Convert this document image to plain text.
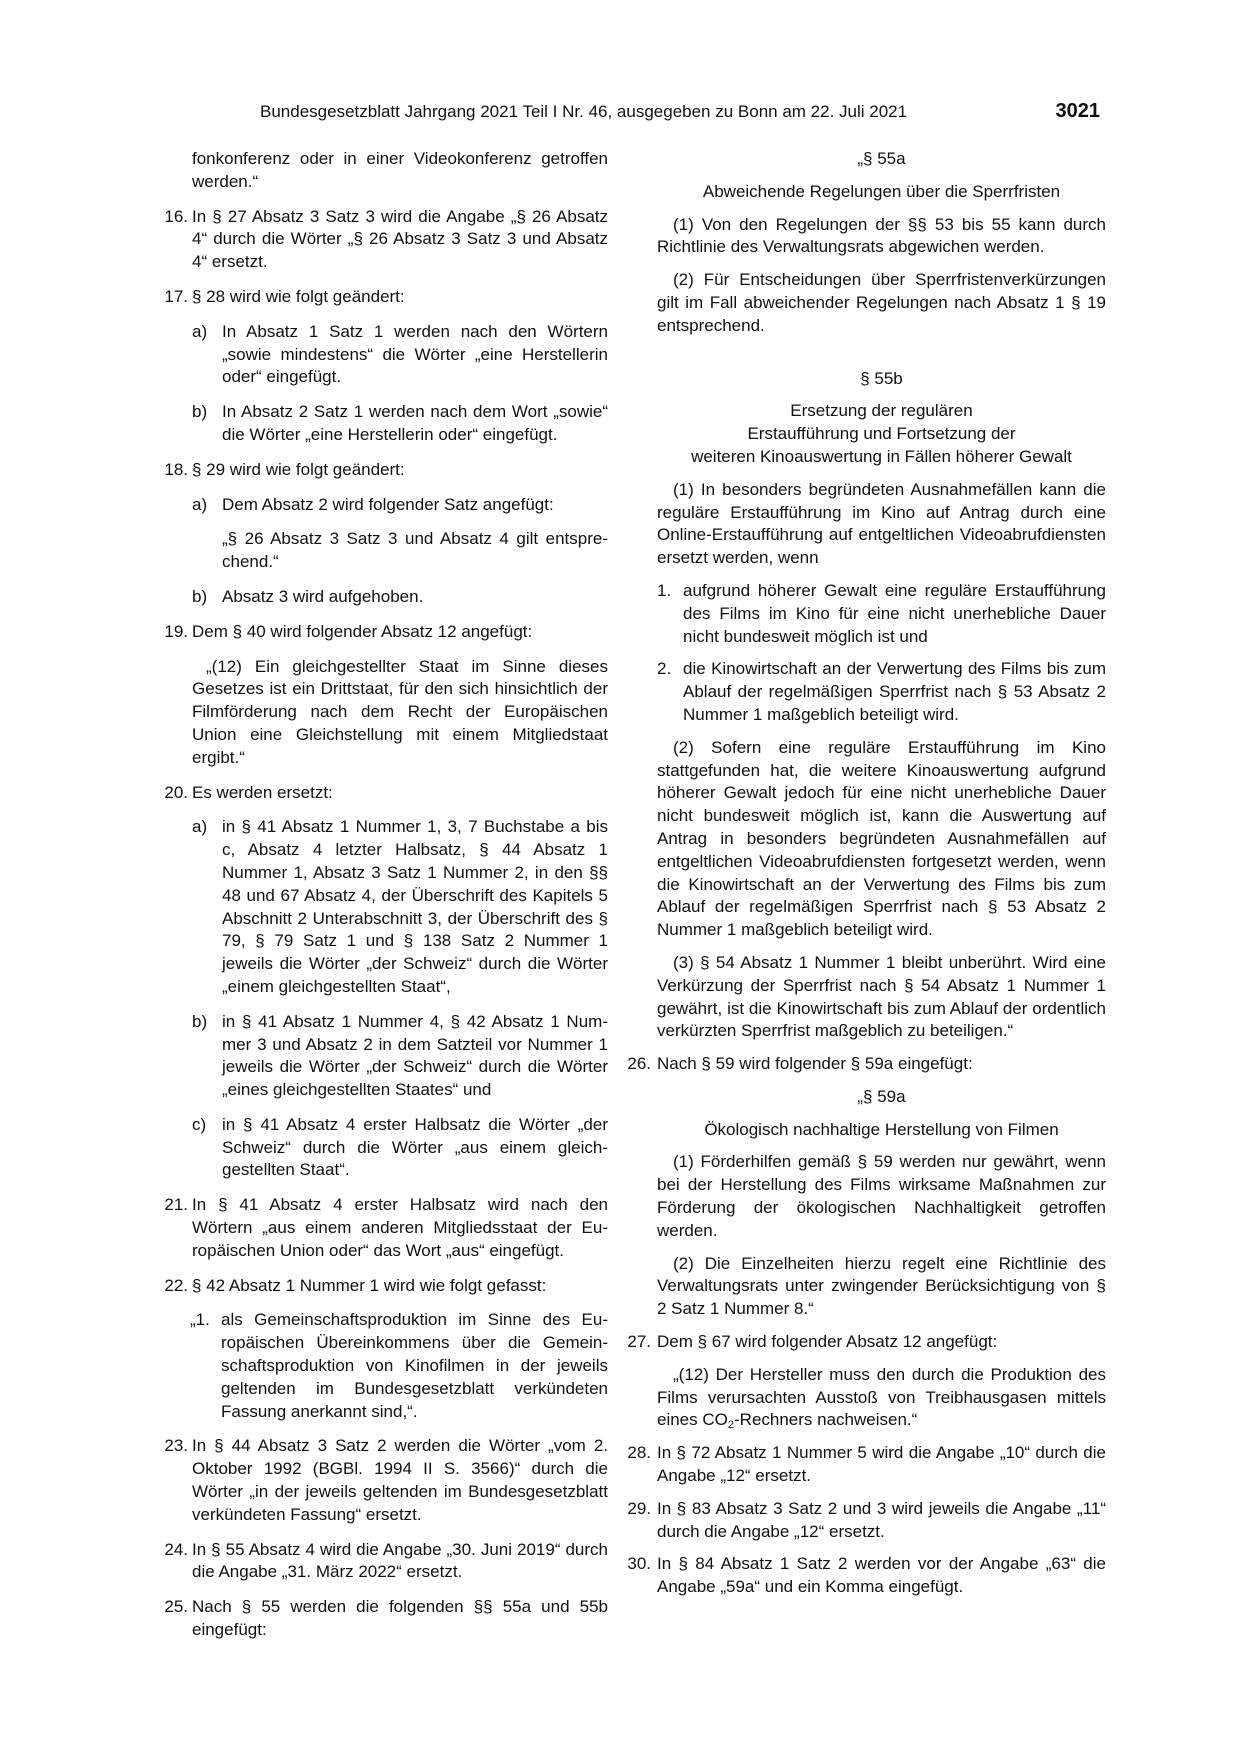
Bundesgesetzblatt Jahrgang 2021 Teil I Nr. 46, ausgegeben zu Bonn am 22. Juli 2021	3021

fonkonferenz oder in einer Videokonferenz getroffen werden.“

16. In § 27 Absatz 3 Satz 3 wird die Angabe „§ 26 Absatz 4“ durch die Wörter „§ 26 Absatz 3 Satz 3 und Absatz 4“ ersetzt.

17. § 28 wird wie folgt geändert:

a) In Absatz 1 Satz 1 werden nach den Wörtern „sowie mindestens“ die Wörter „eine Herstellerin oder“ eingefügt.

b) In Absatz 2 Satz 1 werden nach dem Wort „sowie“ die Wörter „eine Herstellerin oder“ eingefügt.

18. § 29 wird wie folgt geändert:

a) Dem Absatz 2 wird folgender Satz angefügt:

„§ 26 Absatz 3 Satz 3 und Absatz 4 gilt entsprechend.“

b) Absatz 3 wird aufgehoben.

19. Dem § 40 wird folgender Absatz 12 angefügt:

„(12) Ein gleichgestellter Staat im Sinne dieses Gesetzes ist ein Drittstaat, für den sich hinsichtlich der Filmförderung nach dem Recht der Europäischen Union eine Gleichstellung mit einem Mitgliedstaat ergibt.“

20. Es werden ersetzt:

a) in § 41 Absatz 1 Nummer 1, 3, 7 Buchstabe a bis c, Absatz 4 letzter Halbsatz, § 44 Absatz 1 Nummer 1, Absatz 3 Satz 1 Nummer 2, in den §§ 48 und 67 Absatz 4, der Überschrift des Kapitels 5 Abschnitt 2 Unterabschnitt 3, der Überschrift des § 79, § 79 Satz 1 und § 138 Satz 2 Nummer 1 jeweils die Wörter „der Schweiz“ durch die Wörter „einem gleichgestellten Staat“,

b) in § 41 Absatz 1 Nummer 4, § 42 Absatz 1 Nummer 3 und Absatz 2 in dem Satzteil vor Nummer 1 jeweils die Wörter „der Schweiz“ durch die Wörter „eines gleichgestellten Staates“ und

c) in § 41 Absatz 4 erster Halbsatz die Wörter „der Schweiz“ durch die Wörter „aus einem gleichgestellten Staat“.

21. In § 41 Absatz 4 erster Halbsatz wird nach den Wörtern „aus einem anderen Mitgliedsstaat der Europäischen Union oder“ das Wort „aus“ eingefügt.

22. § 42 Absatz 1 Nummer 1 wird wie folgt gefasst:

„1. als Gemeinschaftsproduktion im Sinne des Europäischen Übereinkommens über die Gemeinschaftsproduktion von Kinofilmen in der jeweils geltenden im Bundesgesetzblatt verkündeten Fassung anerkannt sind,“.

23. In § 44 Absatz 3 Satz 2 werden die Wörter „vom 2. Oktober 1992 (BGBl. 1994 II S. 3566)“ durch die Wörter „in der jeweils geltenden im Bundesgesetzblatt verkündeten Fassung“ ersetzt.

24. In § 55 Absatz 4 wird die Angabe „30. Juni 2019“ durch die Angabe „31. März 2022“ ersetzt.

25. Nach § 55 werden die folgenden §§ 55a und 55b eingefügt:

„§ 55a

Abweichende Regelungen über die Sperrfristen

(1) Von den Regelungen der §§ 53 bis 55 kann durch Richtlinie des Verwaltungsrats abgewichen werden.

(2) Für Entscheidungen über Sperrfristenverkürzungen gilt im Fall abweichender Regelungen nach Absatz 1 § 19 entsprechend.

§ 55b

Ersetzung der regulären

Erstaufführung und Fortsetzung der

weiteren Kinoauswertung in Fällen höherer Gewalt

(1) In besonders begründeten Ausnahmefällen kann die reguläre Erstaufführung im Kino auf Antrag durch eine Online-Erstaufführung auf entgeltlichen Videoabrufdiensten ersetzt werden, wenn

1. aufgrund höherer Gewalt eine reguläre Erstaufführung des Films im Kino für eine nicht unerhebliche Dauer nicht bundesweit möglich ist und

2. die Kinowirtschaft an der Verwertung des Films bis zum Ablauf der regelmäßigen Sperrfrist nach § 53 Absatz 2 Nummer 1 maßgeblich beteiligt wird.

(2) Sofern eine reguläre Erstaufführung im Kino stattgefunden hat, die weitere Kinoauswertung aufgrund höherer Gewalt jedoch für eine nicht unerhebliche Dauer nicht bundesweit möglich ist, kann die Auswertung auf Antrag in besonders begründeten Ausnahmefällen auf entgeltlichen Videoabrufdiensten fortgesetzt werden, wenn die Kinowirtschaft an der Verwertung des Films bis zum Ablauf der regelmäßigen Sperrfrist nach § 53 Absatz 2 Nummer 1 maßgeblich beteiligt wird.

(3) § 54 Absatz 1 Nummer 1 bleibt unberührt. Wird eine Verkürzung der Sperrfrist nach § 54 Absatz 1 Nummer 1 gewährt, ist die Kinowirtschaft bis zum Ablauf der ordentlich verkürzten Sperrfrist maßgeblich zu beteiligen.“

26. Nach § 59 wird folgender § 59a eingefügt:

„§ 59a

Ökologisch nachhaltige Herstellung von Filmen

(1) Förderhilfen gemäß § 59 werden nur gewährt, wenn bei der Herstellung des Films wirksame Maßnahmen zur Förderung der ökologischen Nachhaltigkeit getroffen werden.

(2) Die Einzelheiten hierzu regelt eine Richtlinie des Verwaltungsrats unter zwingender Berücksichtigung von § 2 Satz 1 Nummer 8.“

27. Dem § 67 wird folgender Absatz 12 angefügt:

„(12) Der Hersteller muss den durch die Produktion des Films verursachten Ausstoß von Treibhausgasen mittels eines $CO_2$-Rechners nachweisen.“

28. In § 72 Absatz 1 Nummer 5 wird die Angabe „10“ durch die Angabe „12“ ersetzt.

29. In § 83 Absatz 3 Satz 2 und 3 wird jeweils die Angabe „11“ durch die Angabe „12“ ersetzt.

30. In § 84 Absatz 1 Satz 2 werden vor der Angabe „63“ die Angabe „59a“ und ein Komma eingefügt.
